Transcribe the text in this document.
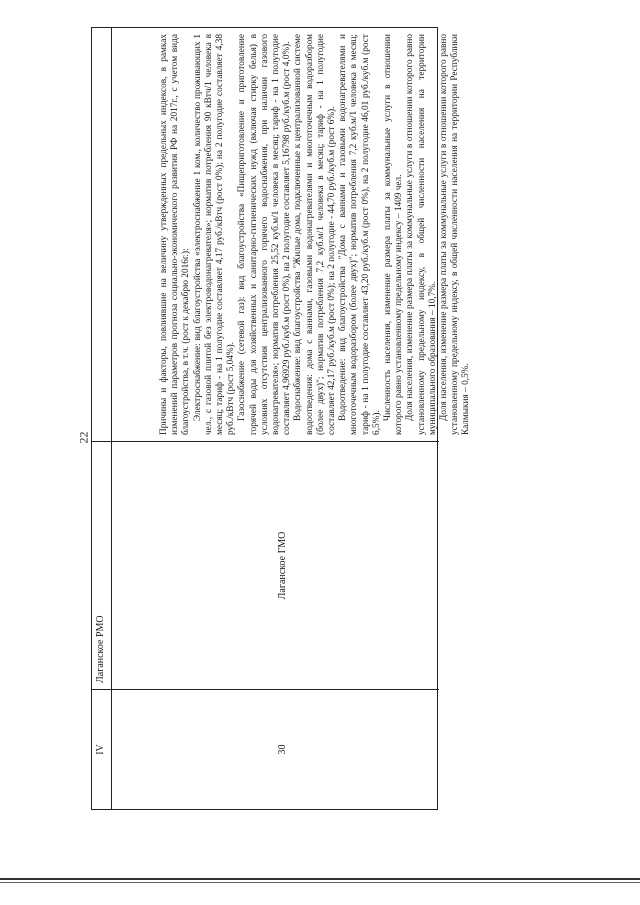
22
IV
Лаганское РМО
30
Лаганское ГМО

Причины и факторы, повлиявшие на величину утвержденных предельных индексов, в рамках изменений параметров прогноза социально-экономического развития РФ на 2017г., с учетом вида благоустройства, в т.ч. (рост к декабрю 2016г.): Электроснабжение: вид благоустройства «электроснабжение 1 ком., количество проживающих 1 чел., с газовой плитой без электроводонагревателя»; норматив потребления 90 кВтч/1 человека в месяц; тариф - на 1 полугодие составляет 4,17 руб./кВтч (рост 0%); на 2 полугодие составляет 4,38 руб./кВтч (рост 5,04%). Газоснабжение (сетевой газ): вид благоустройства «Пищеприготовление и приготовление горячей воды для хозяйственных и санитарно-гигиенических нужд (включая стирку белья) в условиях отсутствия централизованного горячего водоснабжения, при наличии газового водонагревателя»; норматив потребления 25,52 куб.м/1 человека в месяц; тариф - на 1 полугодие составляет 4,96929 руб./куб.м (рост 0%), на 2 полугодие составляет 5,16798 руб./куб.м (рост 4,0%). Водоснабжение: вид благоустройства "Жилые дома, подключенные к централизованной системе водоотведения: дома с ваннами, газовыми водонагревателями и многоточечным водоразбором (более двух)"; норматив потребления 7,2 куб.м/1 человека в месяц; тариф - на 1 полугодие составляет 42,17 руб./куб.м (рост 0%); на 2 полугодие - 44,70 руб./куб.м (рост 6%). Водоотведение: вид благоустройства "Дома с ваннами и газовыми водонагревателями и многоточечным водоразбором (более двух)"; норматив потребления 7,2 куб.м/1 человека в месяц; тариф - на 1 полугодие составляет 43,20 руб./куб.м (рост 0%), на 2 полугодие 46,01 руб./куб.м (рост 6,5%).

Численность населения, изменение размера платы за коммунальные услуги в отношении которого равно установленному предельному индексу – 1409 чел. Доля населения, изменение размера платы за коммунальные услуги в отношении которого равно установленному предельному индексу, в общей численности населения на территории муниципального образования – 10,7%. Доля населения, изменение размера платы за коммунальные услуги в отношении которого равно установленному предельному индексу, в общей численности населения на территории Республики Калмыкия – 0,5%.
